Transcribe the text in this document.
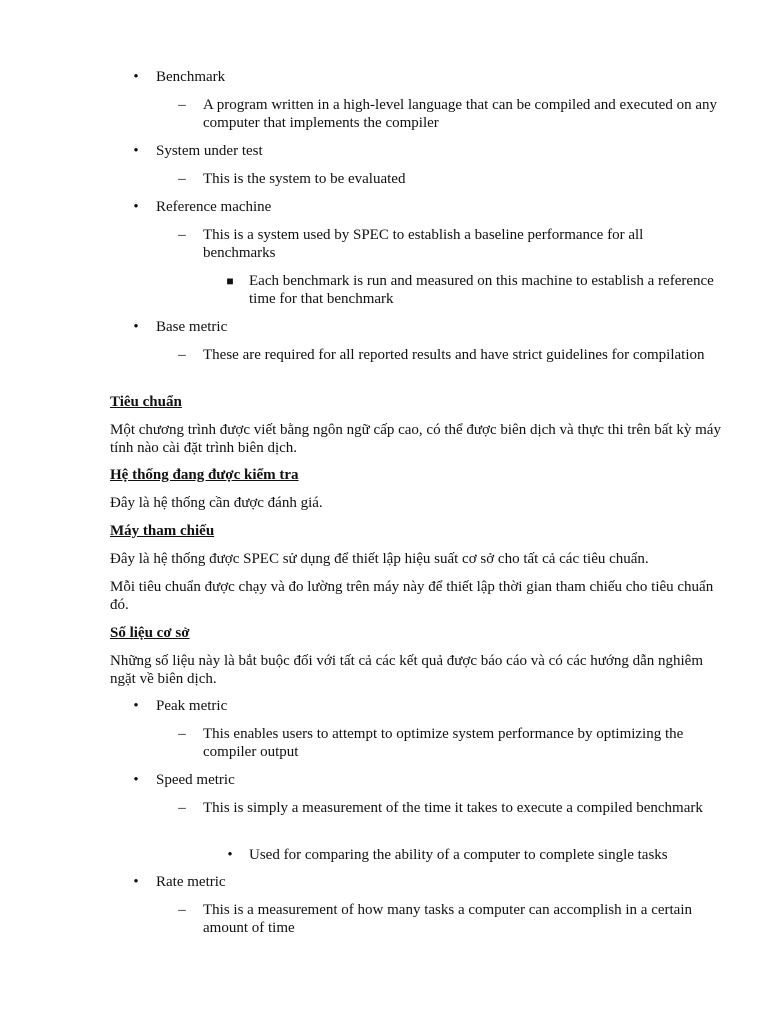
•	Benchmark
–	A program written in a high-level language that can be compiled and executed on any computer that implements the compiler
•	System under test
–	This is the system to be evaluated
•	Reference machine
–	This is a system used by SPEC to establish a baseline performance for all benchmarks
■	Each benchmark is run and measured on this machine to establish a reference time for that benchmark
•	Base metric
–	These are required for all reported results and have strict guidelines for compilation
Tiêu chuẩn
Một chương trình được viết bằng ngôn ngữ cấp cao, có thể được biên dịch và thực thi trên bất kỳ máy tính nào cài đặt trình biên dịch.
Hệ thống đang được kiểm tra
Đây là hệ thống cần được đánh giá.
Máy tham chiếu
Đây là hệ thống được SPEC sử dụng để thiết lập hiệu suất cơ sở cho tất cả các tiêu chuẩn.
Mỗi tiêu chuẩn được chạy và đo lường trên máy này để thiết lập thời gian tham chiếu cho tiêu chuẩn đó.
Số liệu cơ sở
Những số liệu này là bắt buộc đối với tất cả các kết quả được báo cáo và có các hướng dẫn nghiêm ngặt về biên dịch.
•	Peak metric
–	This enables users to attempt to optimize system performance by optimizing the compiler output
•	Speed metric
–	This is simply a measurement of the time it takes to execute a compiled benchmark
•	Used for comparing the ability of a computer to complete single tasks
•	Rate metric
–	This is a measurement of how many tasks a computer can accomplish in a certain amount of time
